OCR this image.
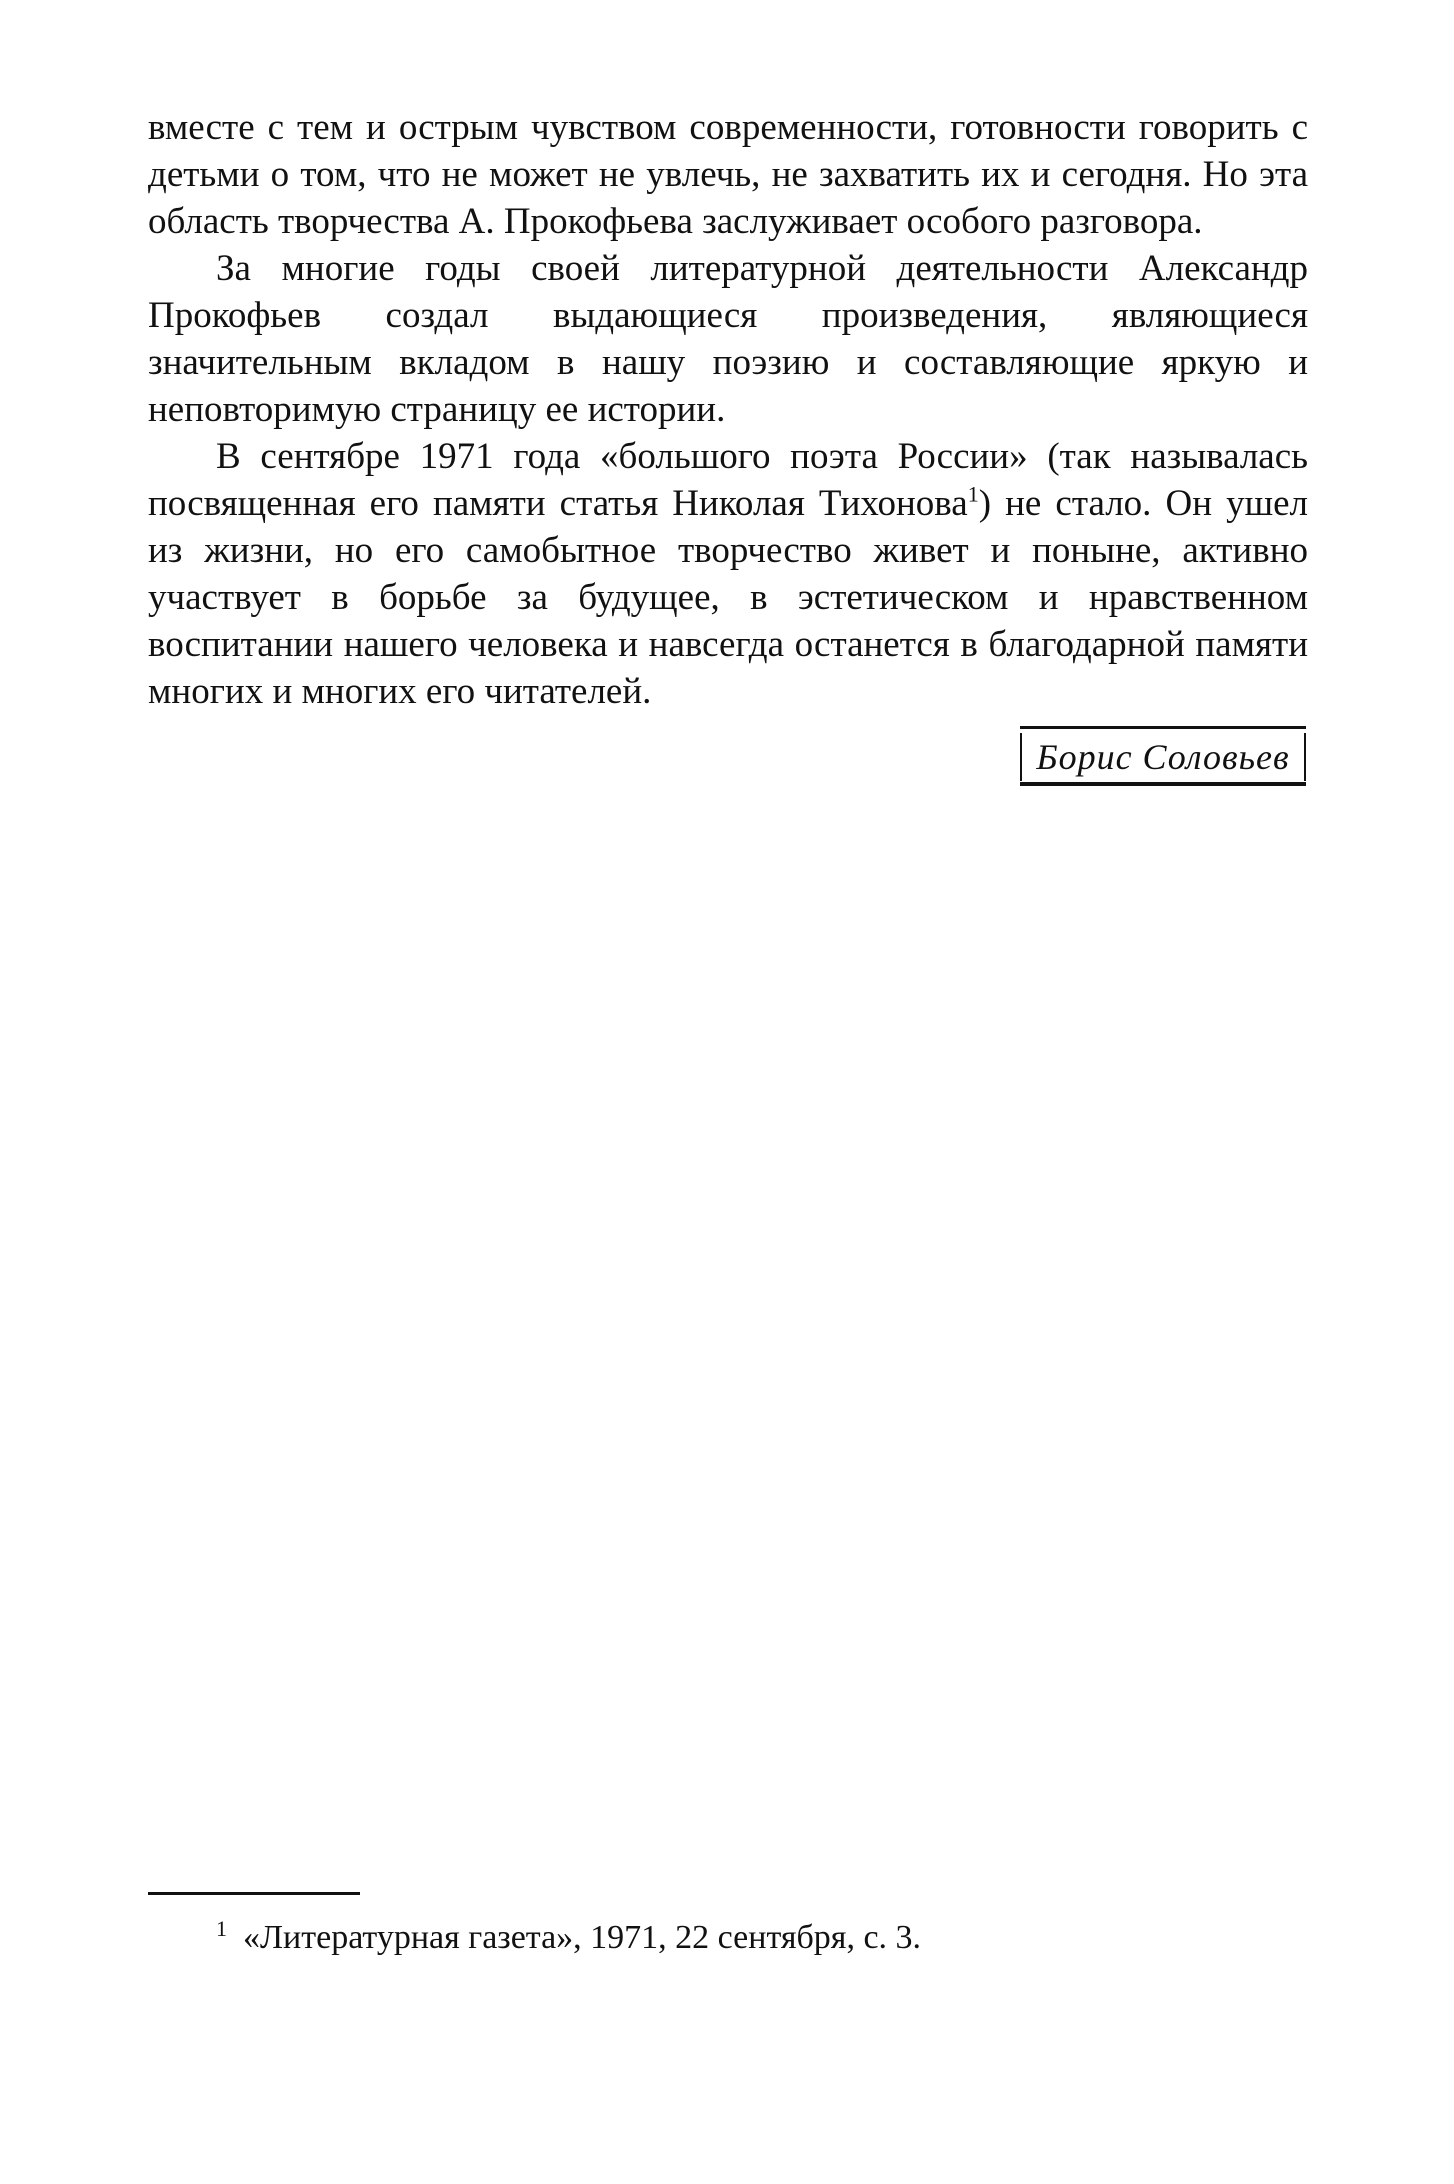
вместе с тем и острым чувством современности, готовности говорить с детьми о том, что не может не увлечь, не захватить их и сегодня. Но эта область творчества А. Прокофьева заслуживает особого разговора.

За многие годы своей литературной деятельности Александр Прокофьев создал выдающиеся произведения, являющиеся значительным вкладом в нашу поэзию и составляющие яркую и неповторимую страницу ее истории.

В сентябре 1971 года «большого поэта России» (так называлась посвященная его памяти статья Николая Тихонова$^1$) не стало. Он ушел из жизни, но его самобытное творчество живет и поныне, активно участвует в борьбе за будущее, в эстетическом и нравственном воспитании нашего человека и навсегда останется в благодарной памяти многих и многих его читателей.

Борис Соловьев

$^1$ «Литературная газета», 1971, 22 сентября, с. 3.
